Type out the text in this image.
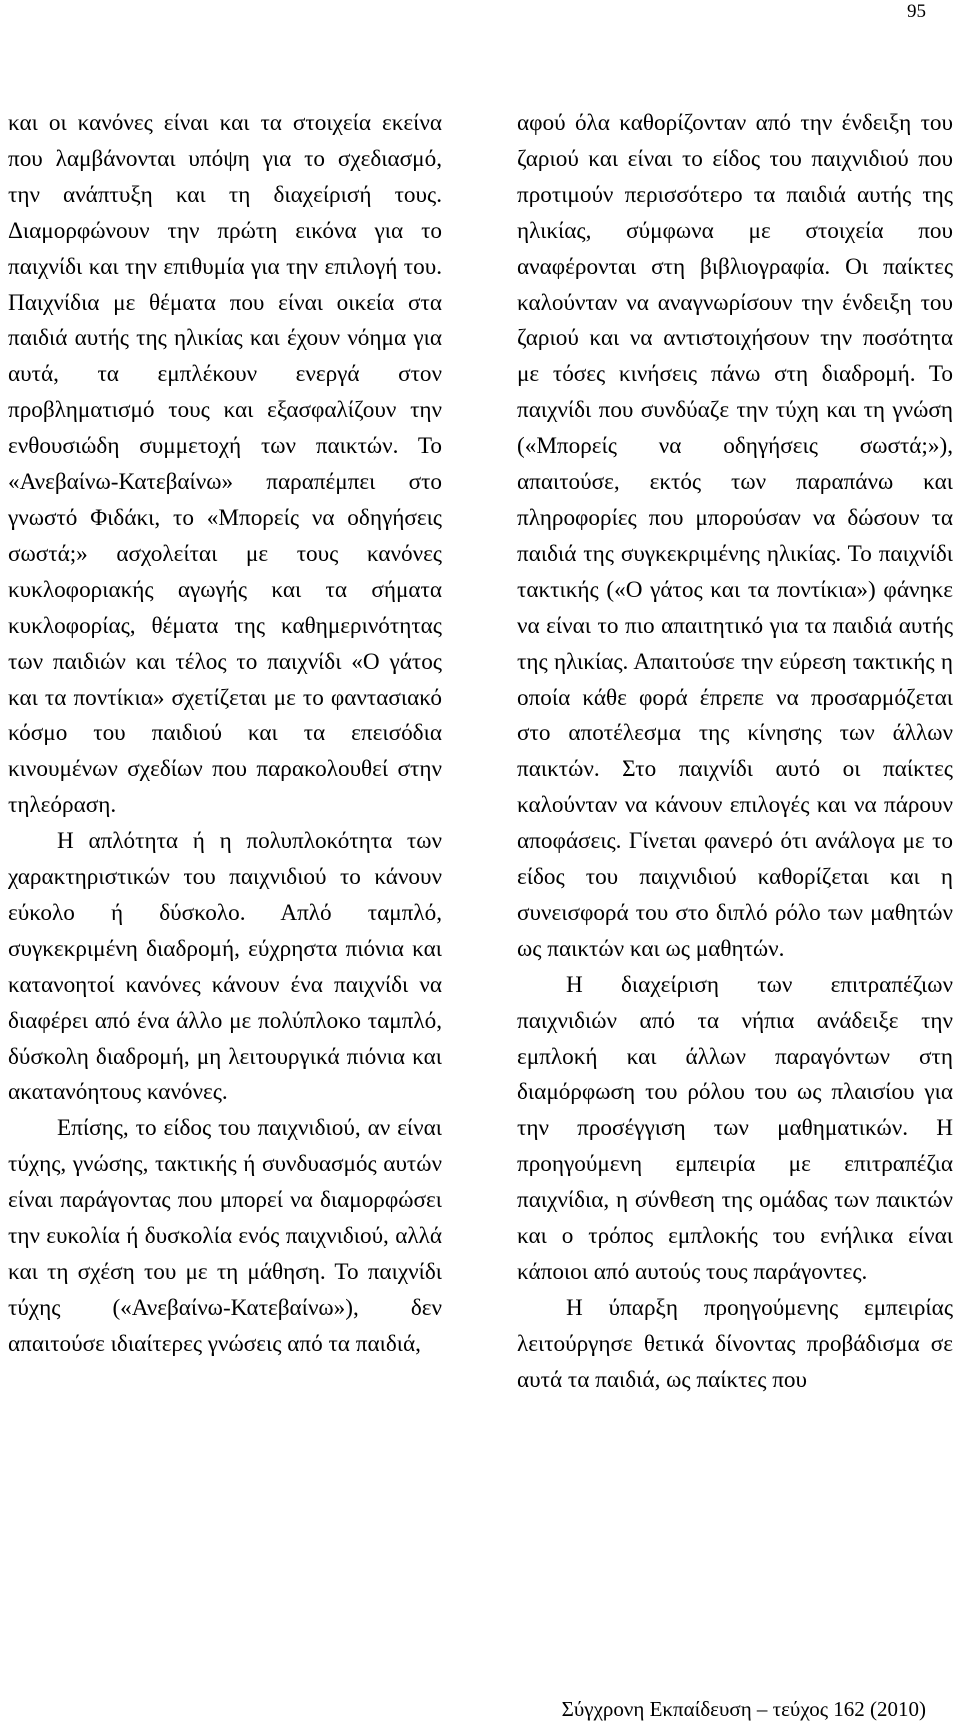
95

και οι κανόνες είναι και τα στοιχεία εκείνα που λαμβάνονται υπόψη για το σχεδιασμό, την ανάπτυξη και τη διαχείρισή τους. Διαμορφώνουν την πρώτη εικόνα για το παιχνίδι και την επιθυμία για την επιλογή του. Παιχνίδια με θέματα που είναι οικεία στα παιδιά αυτής της ηλικίας και έχουν νόημα για αυτά, τα εμπλέκουν ενεργά στον προβληματισμό τους και εξασφαλίζουν την ενθουσιώδη συμμετοχή των παικτών. Το «Ανεβαίνω-Κατεβαίνω» παραπέμπει στο γνωστό Φιδάκι, το «Μπορείς να οδηγήσεις σωστά;» ασχολείται με τους κανόνες κυκλοφοριακής αγωγής και τα σήματα κυκλοφορίας, θέματα της καθημερινότητας των παιδιών και τέλος το παιχνίδι «Ο γάτος και τα ποντίκια» σχετίζεται με το φαντασιακό κόσμο του παιδιού και τα επεισόδια κινουμένων σχεδίων που παρακολουθεί στην τηλεόραση.

Η απλότητα ή η πολυπλοκότητα των χαρακτηριστικών του παιχνιδιού το κάνουν εύκολο ή δύσκολο. Απλό ταμπλό, συγκεκριμένη διαδρομή, εύχρηστα πιόνια και κατανοητοί κανόνες κάνουν ένα παιχνίδι να διαφέρει από ένα άλλο με πολύπλοκο ταμπλό, δύσκολη διαδρομή, μη λειτουργικά πιόνια και ακατανόητους κανόνες.

Επίσης, το είδος του παιχνιδιού, αν είναι τύχης, γνώσης, τακτικής ή συνδυασμός αυτών είναι παράγοντας που μπορεί να διαμορφώσει την ευκολία ή δυσκολία ενός παιχνιδιού, αλλά και τη σχέση του με τη μάθηση. Το παιχνίδι τύχης («Ανεβαίνω-Κατεβαίνω»), δεν απαιτούσε ιδιαίτερες γνώσεις από τα παιδιά,

αφού όλα καθορίζονταν από την ένδειξη του ζαριού και είναι το είδος του παιχνιδιού που προτιμούν περισσότερο τα παιδιά αυτής της ηλικίας, σύμφωνα με στοιχεία που αναφέρονται στη βιβλιογραφία. Οι παίκτες καλούνταν να αναγνωρίσουν την ένδειξη του ζαριού και να αντιστοιχήσουν την ποσότητα με τόσες κινήσεις πάνω στη διαδρομή. Το παιχνίδι που συνδύαζε την τύχη και τη γνώση («Μπορείς να οδηγήσεις σωστά;»), απαιτούσε, εκτός των παραπάνω και πληροφορίες που μπορούσαν να δώσουν τα παιδιά της συγκεκριμένης ηλικίας. Το παιχνίδι τακτικής («Ο γάτος και τα ποντίκια») φάνηκε να είναι το πιο απαιτητικό για τα παιδιά αυτής της ηλικίας. Απαιτούσε την εύρεση τακτικής η οποία κάθε φορά έπρεπε να προσαρμόζεται στο αποτέλεσμα της κίνησης των άλλων παικτών. Στο παιχνίδι αυτό οι παίκτες καλούνταν να κάνουν επιλογές και να πάρουν αποφάσεις. Γίνεται φανερό ότι ανάλογα με το είδος του παιχνιδιού καθορίζεται και η συνεισφορά του στο διπλό ρόλο των μαθητών ως παικτών και ως μαθητών.

Η διαχείριση των επιτραπέζιων παιχνιδιών από τα νήπια ανάδειξε την εμπλοκή και άλλων παραγόντων στη διαμόρφωση του ρόλου του ως πλαισίου για την προσέγγιση των μαθηματικών. Η προηγούμενη εμπειρία με επιτραπέζια παιχνίδια, η σύνθεση της ομάδας των παικτών και ο τρόπος εμπλοκής του ενήλικα είναι κάποιοι από αυτούς τους παράγοντες.

Η ύπαρξη προηγούμενης εμπειρίας λειτούργησε θετικά δίνοντας προβάδισμα σε αυτά τα παιδιά, ως παίκτες που

Σύγχρονη Εκπαίδευση – τεύχος 162 (2010)
